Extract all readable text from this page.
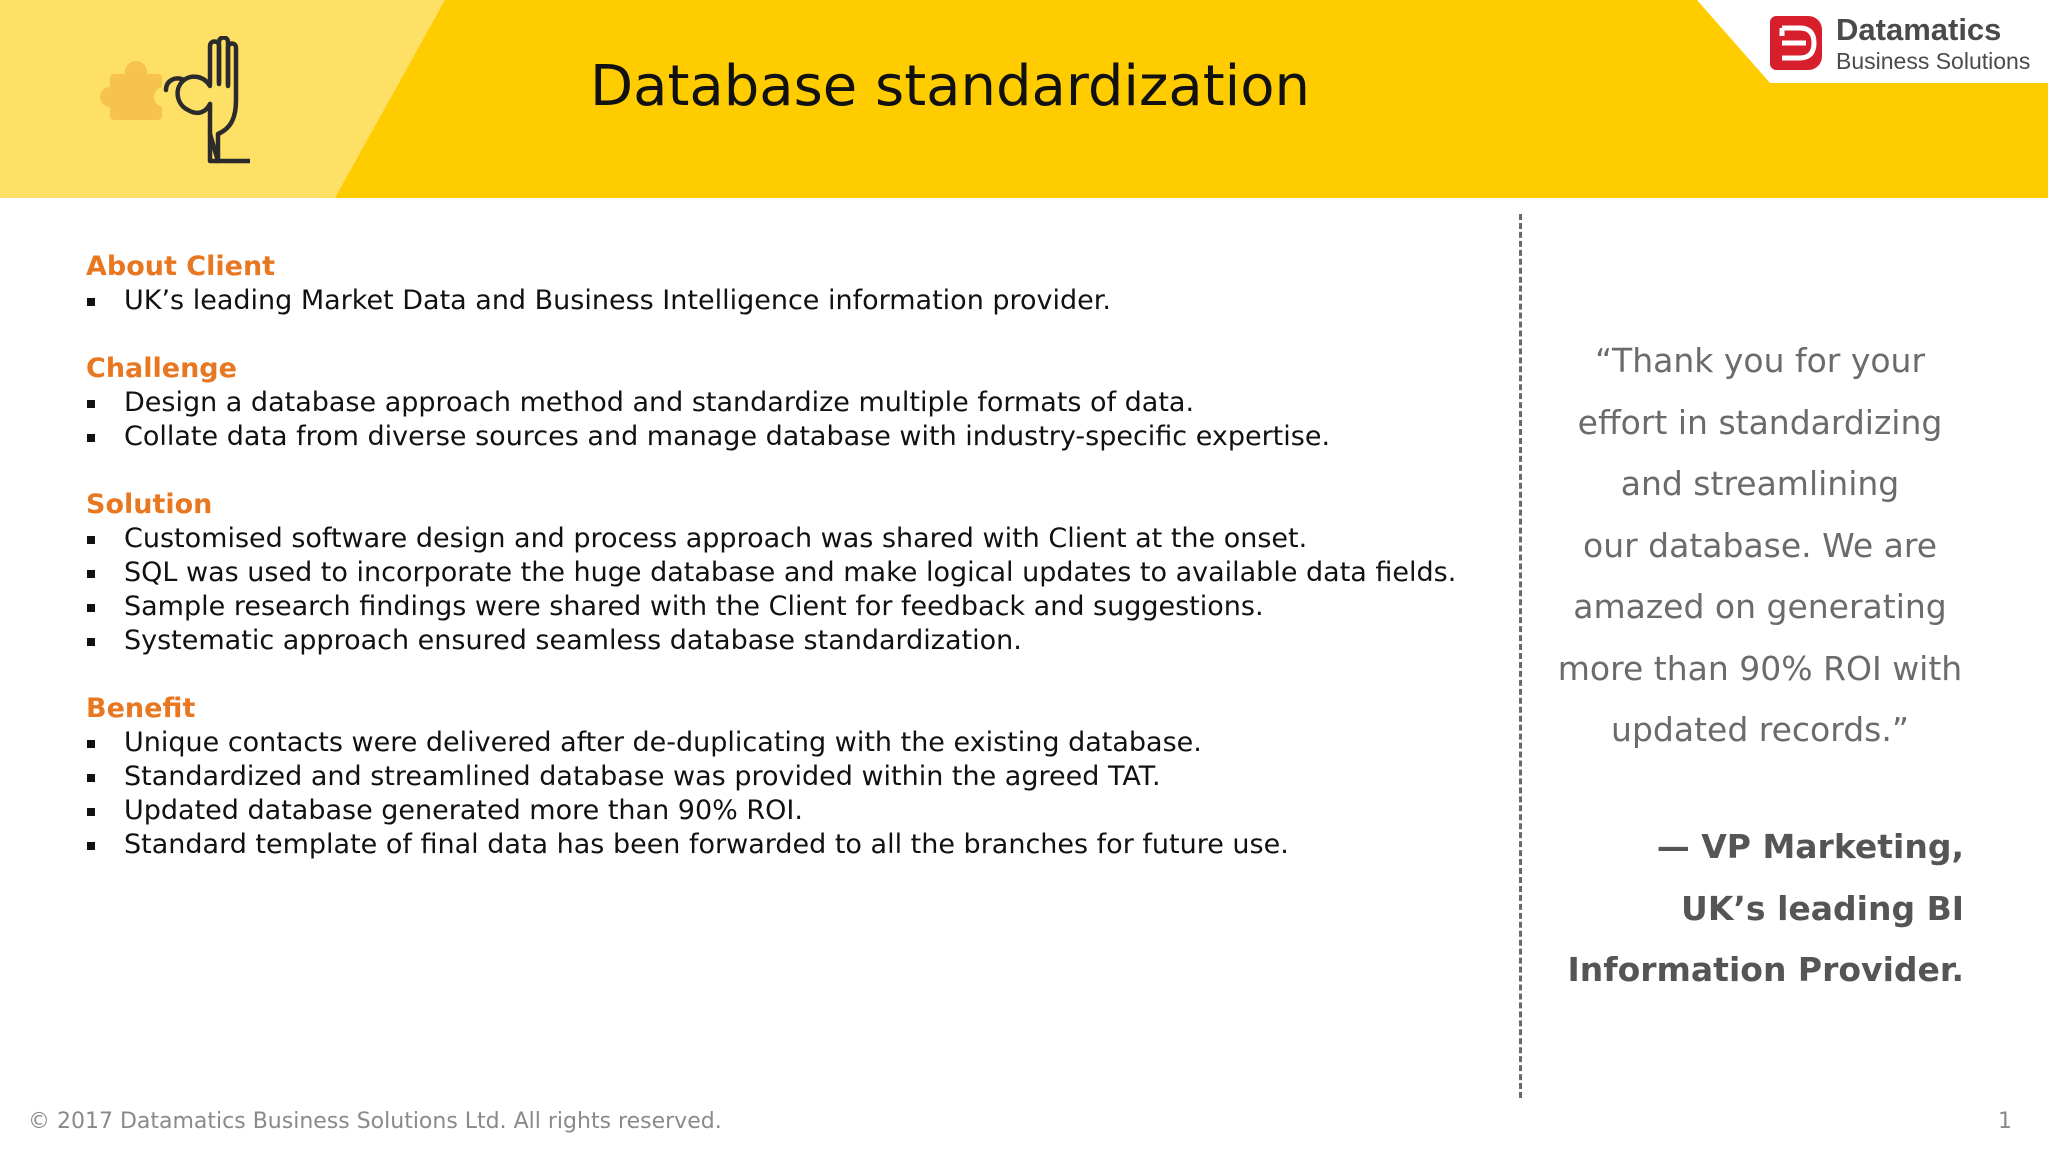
Database standardization
Datamatics
Business Solutions
About Client
UK’s leading Market Data and Business Intelligence information provider.
Challenge
Design a database approach method and standardize multiple formats of data.
Collate data from diverse sources and manage database with industry-specific expertise.
Solution
Customised software design and process approach was shared with Client at the onset.
SQL was used to incorporate the huge database and make logical updates to available data fields.
Sample research findings were shared with the Client for feedback and suggestions.
Systematic approach ensured seamless database standardization.
Benefit
Unique contacts were delivered after de-duplicating with the existing database.
Standardized and streamlined database was provided within the agreed TAT.
Updated database generated more than 90% ROI.
Standard template of final data has been forwarded to all the branches for future use.

“Thank you for your

effort in standardizing

and streamlining

our database. We are

amazed on generating

more than 90% ROI with

updated records.”

— VP Marketing,

UK’s leading BI

Information Provider.

© 2017 Datamatics Business Solutions Ltd. All rights reserved.	1
